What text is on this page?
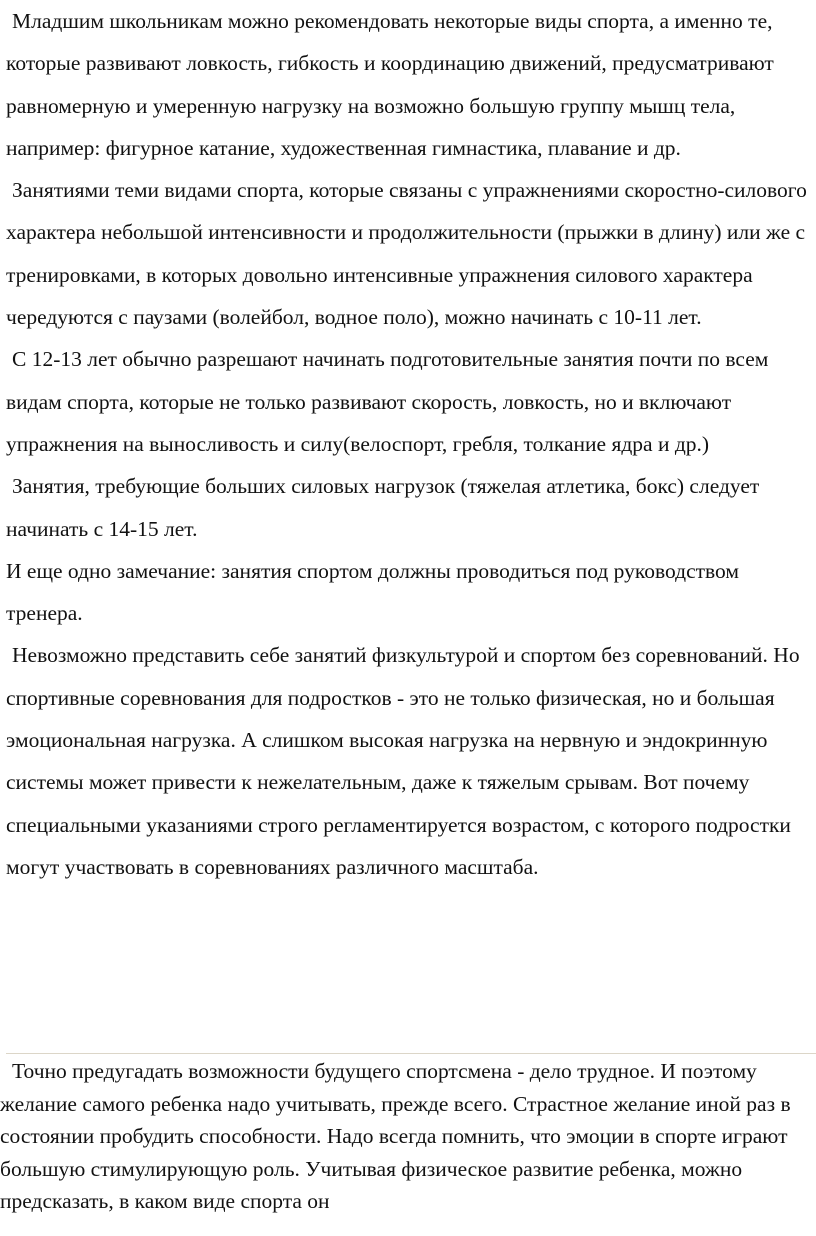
Младшим школьникам можно рекомендовать некоторые виды спорта, а именно те, которые развивают ловкость, гибкость и координацию движений, предусматривают равномерную и умеренную нагрузку на возможно большую группу мышц тела, например: фигурное катание, художественная гимнастика, плавание и др.

Занятиями теми видами спорта, которые связаны с упражнениями скоростно-силового характера небольшой интенсивности и продолжительности (прыжки в длину) или же с тренировками, в которых довольно интенсивные упражнения силового характера чередуются с паузами (волейбол, водное поло), можно начинать с 10-11 лет.

С 12-13 лет обычно разрешают начинать подготовительные занятия почти по всем видам спорта, которые не только развивают скорость, ловкость, но и включают упражнения на выносливость и силу(велоспорт, гребля, толкание ядра и др.)

Занятия, требующие больших силовых нагрузок (тяжелая атлетика, бокс) следует начинать с 14-15 лет.

И еще одно замечание: занятия спортом должны проводиться под руководством тренера.

Невозможно представить себе занятий физкультурой и спортом без соревнований. Но спортивные соревнования для подростков - это не только физическая, но и большая эмоциональная нагрузка. А слишком высокая нагрузка на нервную и эндокринную системы может привести к нежелательным, даже к тяжелым срывам. Вот почему специальными указаниями строго регламентируется возрастом, с которого подростки могут участвовать в соревнованиях различного масштаба.

Точно предугадать возможности будущего спортсмена - дело трудное. И поэтому желание самого ребенка надо учитывать, прежде всего. Страстное желание иной раз в состоянии пробудить способности. Надо всегда помнить, что эмоции в спорте играют большую стимулирующую роль. Учитывая физическое развитие ребенка, можно предсказать, в каком виде спорта он
